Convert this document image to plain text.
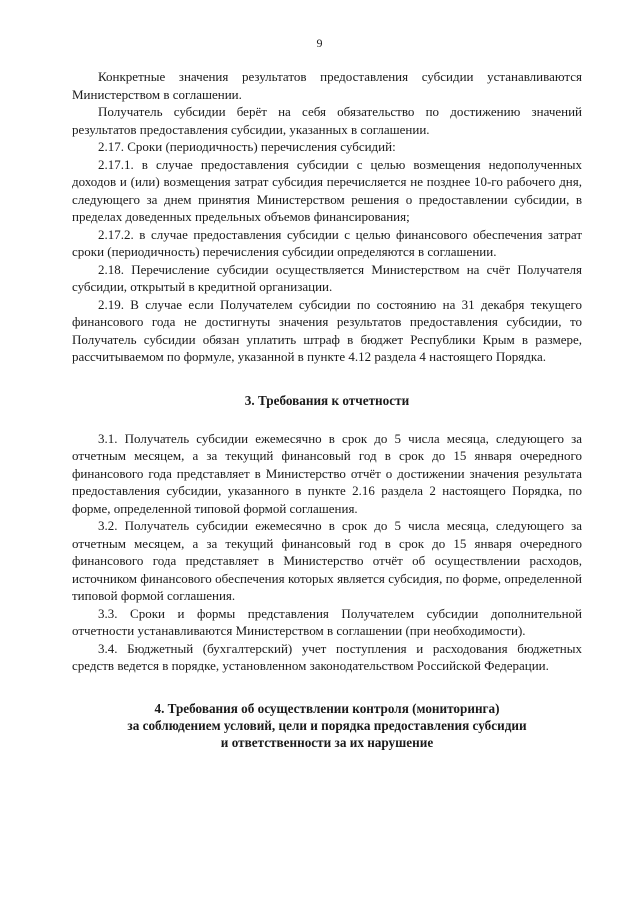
9

Конкретные значения результатов предоставления субсидии устанавливаются Министерством в соглашении.

Получатель субсидии берёт на себя обязательство по достижению значений результатов предоставления субсидии, указанных в соглашении.

2.17. Сроки (периодичность) перечисления субсидий:

2.17.1. в случае предоставления субсидии с целью возмещения недополученных доходов и (или) возмещения затрат субсидия перечисляется не позднее 10-го рабочего дня, следующего за днем принятия Министерством решения о предоставлении субсидии, в пределах доведенных предельных объемов финансирования;

2.17.2. в случае предоставления субсидии с целью финансового обеспечения затрат сроки (периодичность) перечисления субсидии определяются в соглашении.

2.18. Перечисление субсидии осуществляется Министерством на счёт Получателя субсидии, открытый в кредитной организации.

2.19. В случае если Получателем субсидии по состоянию на 31 декабря текущего финансового года не достигнуты значения результатов предоставления субсидии, то Получатель субсидии обязан уплатить штраф в бюджет Республики Крым в размере, рассчитываемом по формуле, указанной в пункте 4.12 раздела 4 настоящего Порядка.

3. Требования к отчетности

3.1. Получатель субсидии ежемесячно в срок до 5 числа месяца, следующего за отчетным месяцем, а за текущий финансовый год в срок до 15 января очередного финансового года представляет в Министерство отчёт о достижении значения результата предоставления субсидии, указанного в пункте 2.16 раздела 2 настоящего Порядка, по форме, определенной типовой формой соглашения.

3.2. Получатель субсидии ежемесячно в срок до 5 числа месяца, следующего за отчетным месяцем, а за текущий финансовый год в срок до 15 января очередного финансового года представляет в Министерство отчёт об осуществлении расходов, источником финансового обеспечения которых является субсидия, по форме, определенной типовой формой соглашения.

3.3. Сроки и формы представления Получателем субсидии дополнительной отчетности устанавливаются Министерством в соглашении (при необходимости).

3.4. Бюджетный (бухгалтерский) учет поступления и расходования бюджетных средств ведется в порядке, установленном законодательством Российской Федерации.

4. Требования об осуществлении контроля (мониторинга)

за соблюдением условий, цели и порядка предоставления субсидии

и ответственности за их нарушение
